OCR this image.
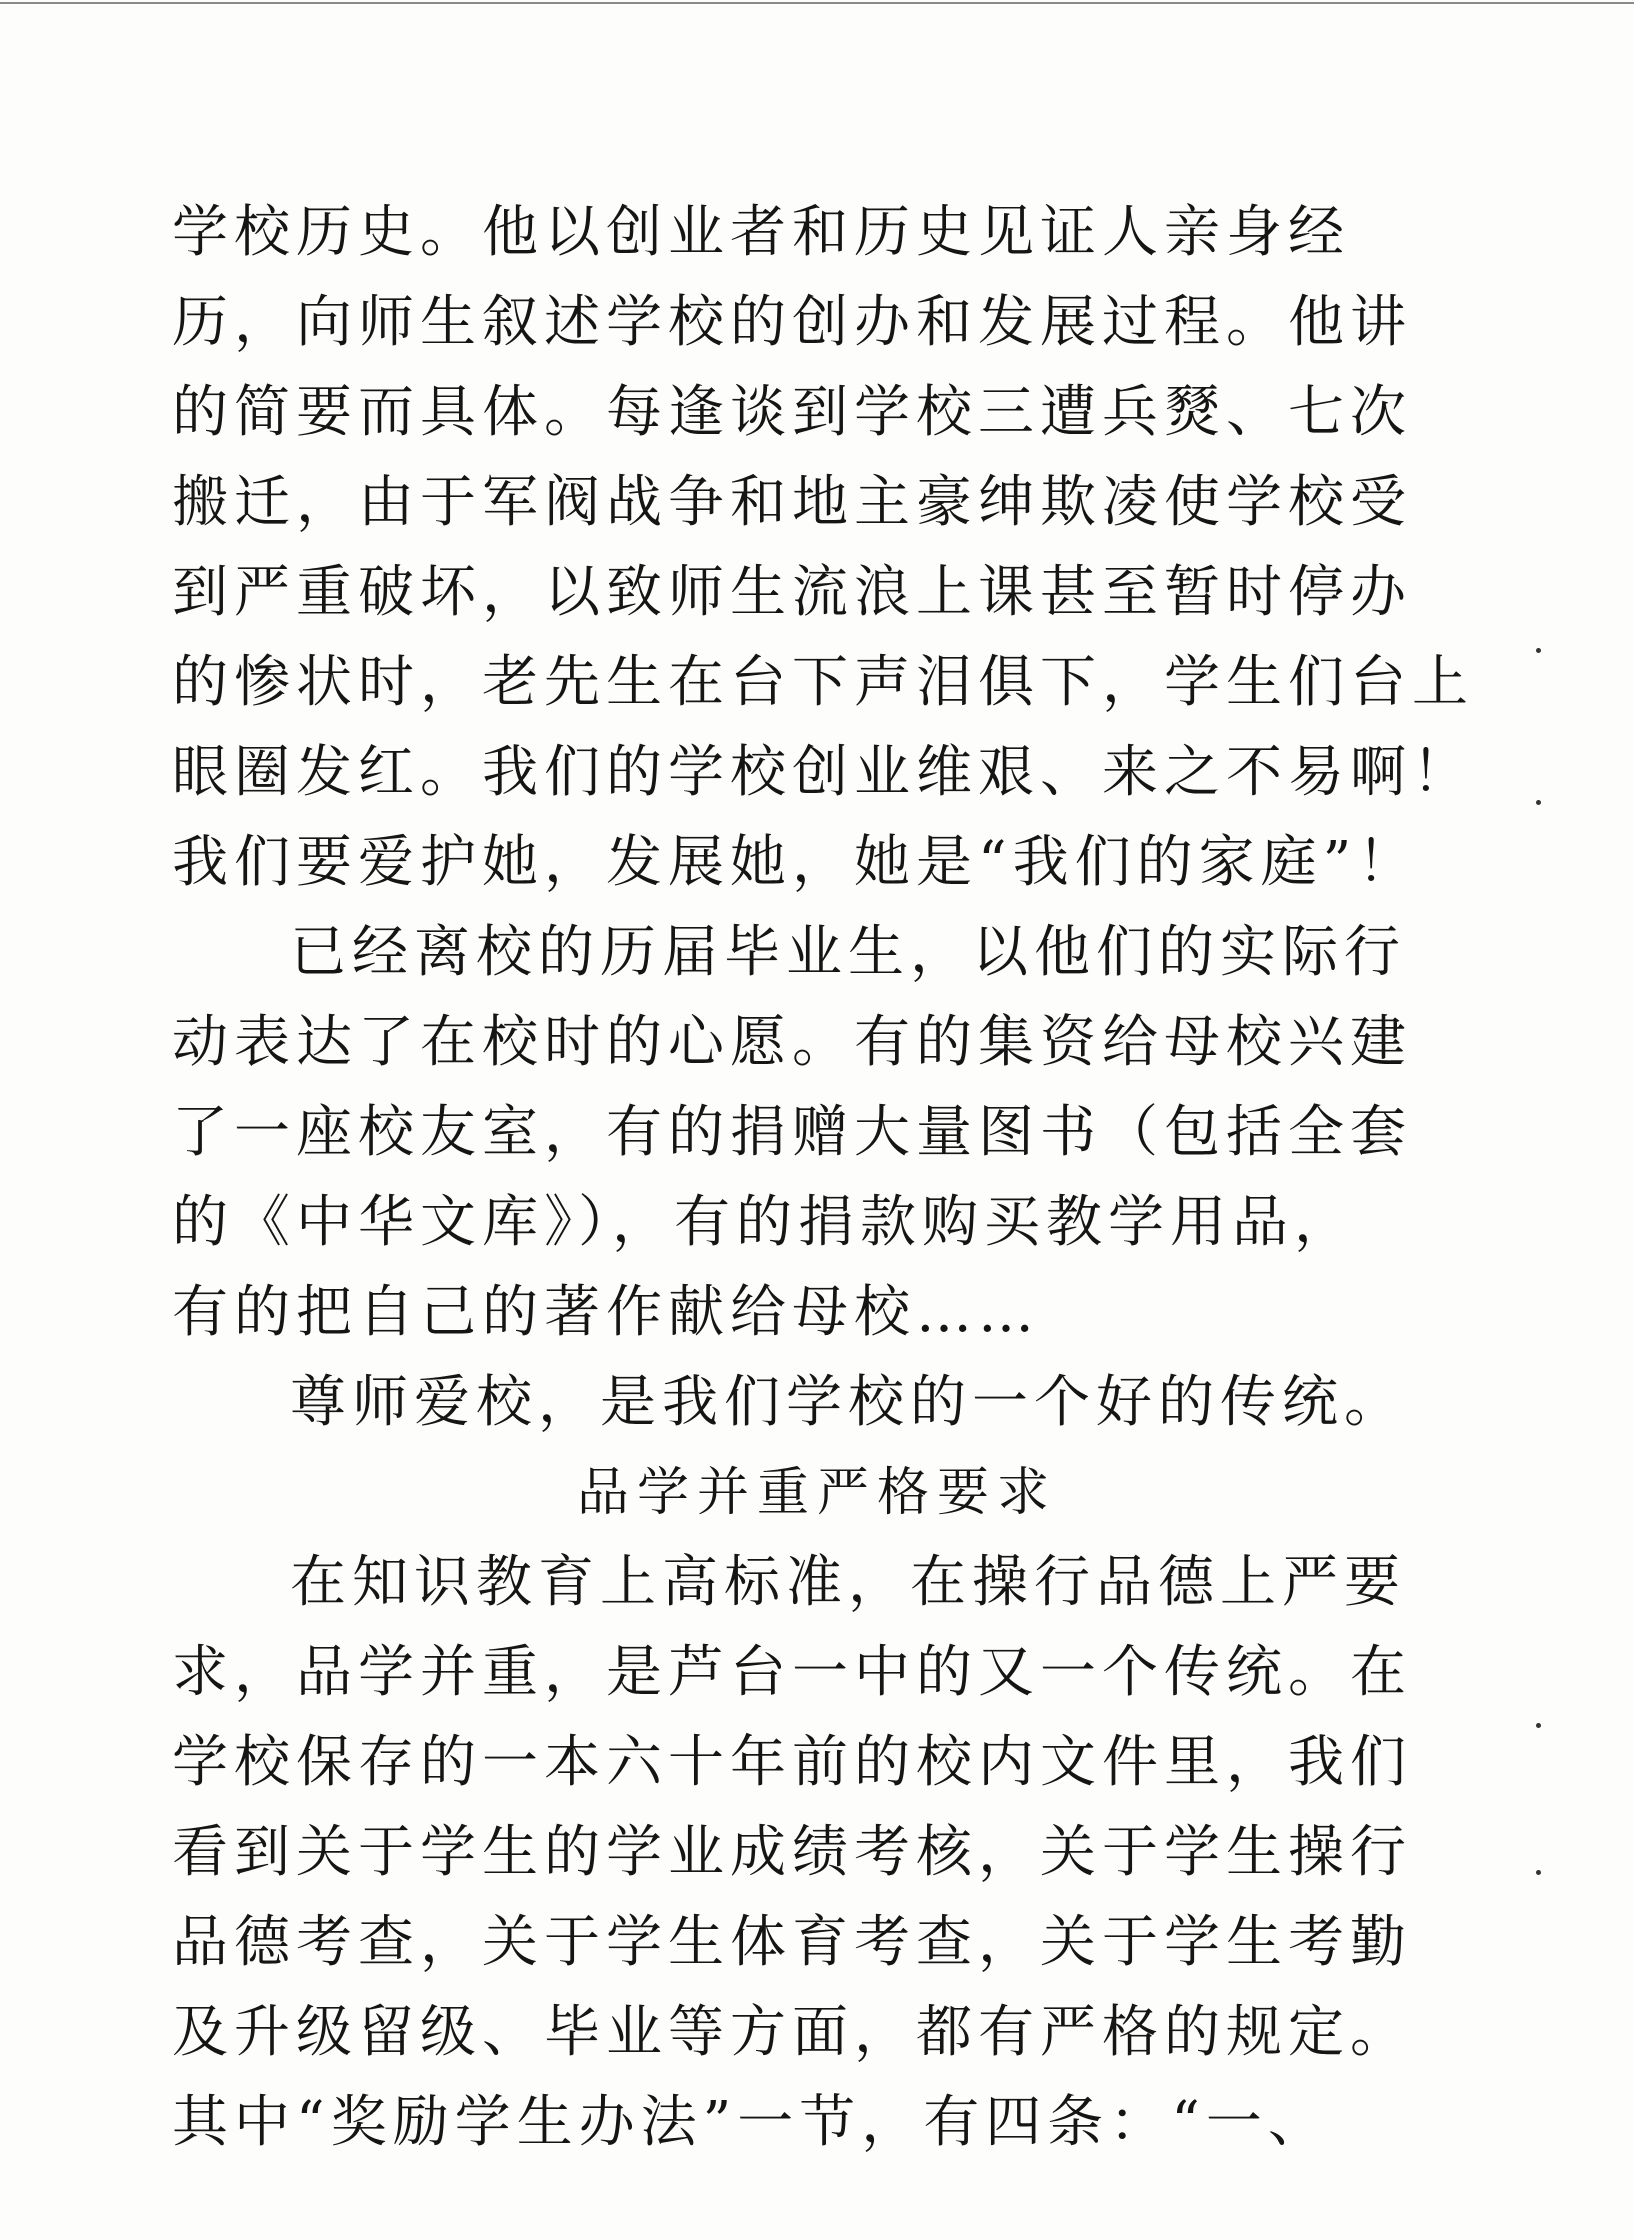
学校历史。他以创业者和历史见证人亲身经
历，向师生叙述学校的创办和发展过程。他讲
的简要而具体。每逢谈到学校三遭兵燹、七次
搬迁，由于军阀战争和地主豪绅欺凌使学校受
到严重破坏，以致师生流浪上课甚至暂时停办
的惨状时，老先生在台下声泪俱下，学生们台上
眼圈发红。我们的学校创业维艰、来之不易啊！
我们要爱护她，发展她，她是“我们的家庭”！
已经离校的历届毕业生，以他们的实际行
动表达了在校时的心愿。有的集资给母校兴建
了一座校友室，有的捐赠大量图书（包括全套
的《中华文库》），有的捐款购买教学用品，
有的把自己的著作献给母校……
尊师爱校，是我们学校的一个好的传统。
品学并重严格要求
在知识教育上高标准，在操行品德上严要
求，品学并重，是芦台一中的又一个传统。在
学校保存的一本六十年前的校内文件里，我们
看到关于学生的学业成绩考核，关于学生操行
品德考查，关于学生体育考查，关于学生考勤
及升级留级、毕业等方面，都有严格的规定。
其中“奖励学生办法”一节，有四条：“一、
